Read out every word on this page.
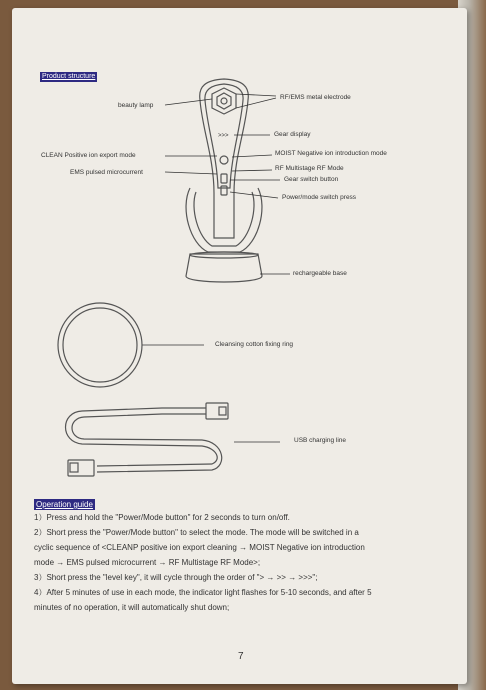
Product structure
beauty lamp
RF/EMS metal electrode
>>>	Gear display
CLEAN Positive ion export mode	MOIST Negative ion introduction mode
EMS pulsed microcurrent
RF Multistage RF Mode
Gear switch button
Power/mode switch press
rechargeable base
Cleansing cotton fixing ring
USB charging line
Operation guide
1）Press and hold the "Power/Mode button" for 2 seconds to turn on/off.
2）Short press the "Power/Mode button" to select the mode. The mode will be switched in a
cyclic sequence of <CLEANP positive ion export cleaning → MOIST Negative ion introduction
mode → EMS pulsed microcurrent → RF Multistage RF Mode>;
3）Short press the "level key", it will cycle through the order of "> → >> → >>>";
4）After 5 minutes of use in each mode, the indicator light flashes for 5-10 seconds, and after 5
minutes of no operation, it will automatically shut down;
7
